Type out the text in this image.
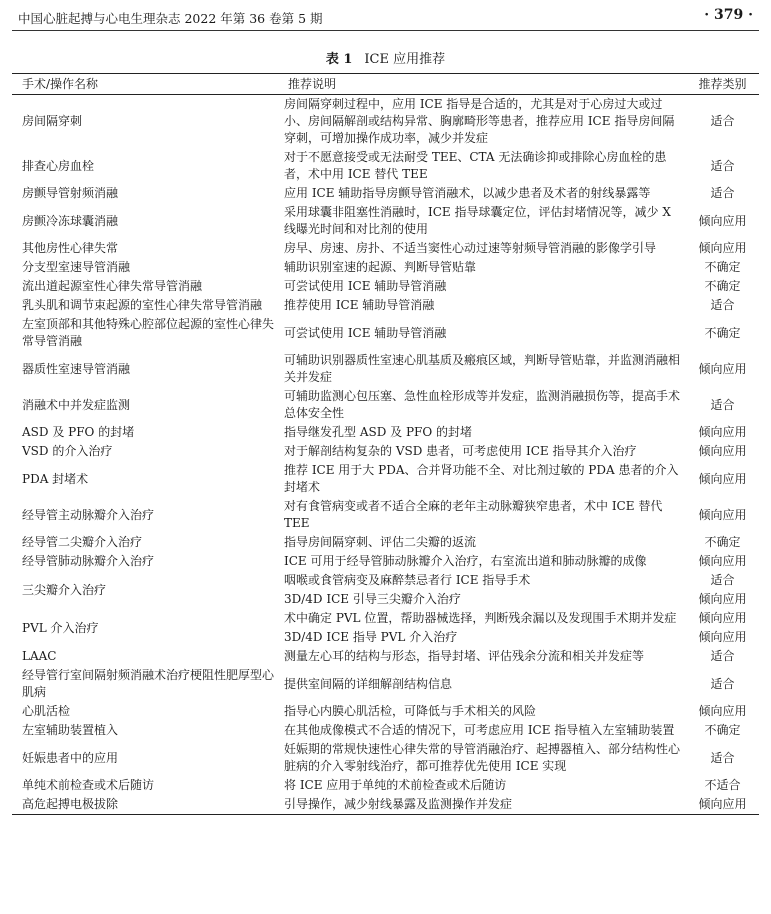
中国心脏起搏与心电生理杂志 2022 年第 36 卷第 5 期	· 379 ·
表 1 ICE 应用推荐
手术/操作名称	推荐说明	推荐类别
房间隔穿刺	房间隔穿刺过程中，应用 ICE 指导是合适的，尤其是对于心房过大或过小、房间隔解剖或结构异常、胸廓畸形等患者，推荐应用 ICE 指导房间隔穿刺，可增加操作成功率，减少并发症	适合
排查心房血栓	对于不愿意接受或无法耐受 TEE、CTA 无法确诊抑或排除心房血栓的患者，术中用 ICE 替代 TEE	适合
房颤导管射频消融	应用 ICE 辅助指导房颤导管消融术，以减少患者及术者的射线暴露等	适合
房颤冷冻球囊消融	采用球囊非阻塞性消融时，ICE 指导球囊定位，评估封堵情况等，减少 X 线曝光时间和对比剂的使用	倾向应用
其他房性心律失常	房早、房速、房扑、不适当窦性心动过速等射频导管消融的影像学引导	倾向应用
分支型室速导管消融	辅助识别室速的起源、判断导管贴靠	不确定
流出道起源室性心律失常导管消融	可尝试使用 ICE 辅助导管消融	不确定
乳头肌和调节束起源的室性心律失常导管消融	推荐使用 ICE 辅助导管消融	适合
左室顶部和其他特殊心腔部位起源的室性心律失常导管消融	可尝试使用 ICE 辅助导管消融	不确定
器质性室速导管消融	可辅助识别器质性室速心肌基质及瘢痕区域，判断导管贴靠，并监测消融相关并发症	倾向应用
消融术中并发症监测	可辅助监测心包压塞、急性血栓形成等并发症，监测消融损伤等，提高手术总体安全性	适合
ASD 及 PFO 的封堵	指导继发孔型 ASD 及 PFO 的封堵	倾向应用
VSD 的介入治疗	对于解剖结构复杂的 VSD 患者，可考虑使用 ICE 指导其介入治疗	倾向应用
PDA 封堵术	推荐 ICE 用于大 PDA、合并肾功能不全、对比剂过敏的 PDA 患者的介入封堵术	倾向应用
经导管主动脉瓣介入治疗	对有食管病变或者不适合全麻的老年主动脉瓣狭窄患者，术中 ICE 替代 TEE	倾向应用
经导管二尖瓣介入治疗	指导房间隔穿刺、评估二尖瓣的返流	不确定
经导管肺动脉瓣介入治疗	ICE 可用于经导管肺动脉瓣介入治疗，右室流出道和肺动脉瓣的成像	倾向应用
三尖瓣介入治疗	咽喉或食管病变及麻醉禁忌者行 ICE 指导手术	适合
	3D/4D ICE 引导三尖瓣介入治疗	倾向应用
PVL 介入治疗	术中确定 PVL 位置，帮助器械选择，判断残余漏以及发现围手术期并发症	倾向应用
	3D/4D ICE 指导 PVL 介入治疗	倾向应用
LAAC	测量左心耳的结构与形态，指导封堵、评估残余分流和相关并发症等	适合
经导管行室间隔射频消融术治疗梗阻性肥厚型心肌病	提供室间隔的详细解剖结构信息	适合
心肌活检	指导心内膜心肌活检，可降低与手术相关的风险	倾向应用
左室辅助装置植入	在其他成像模式不合适的情况下，可考虑应用 ICE 指导植入左室辅助装置	不确定
妊娠患者中的应用	妊娠期的常规快速性心律失常的导管消融治疗、起搏器植入、部分结构性心脏病的介入零射线治疗，都可推荐优先使用 ICE 实现	适合
单纯术前检查或术后随访	将 ICE 应用于单纯的术前检查或术后随访	不适合
高危起搏电极拔除	引导操作，减少射线暴露及监测操作并发症	倾向应用
